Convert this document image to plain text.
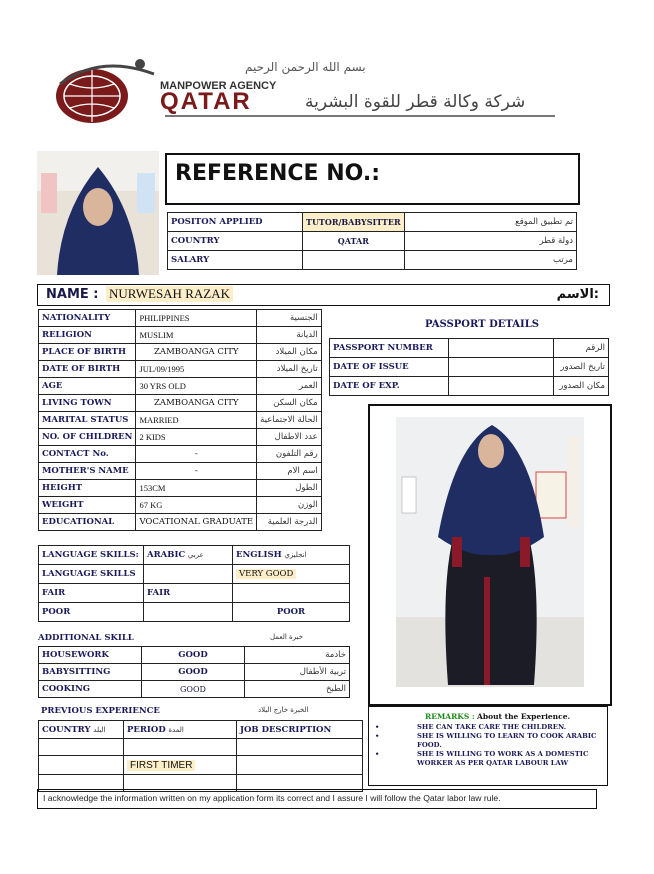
MANPOWER AGENCY
QATAR	شركة وكالة قطر للقوة البشرية
بسم الله الرحمن الرحيم
REFERENCE NO.:
POSITON APPLIED	TUTOR/BABYSITTER	تم تطبيق الموقع
COUNTRY	QATAR	دولة قطر
SALARY		مرتب
NAME : NURWESAH RAZAK	الاسم:
NATIONALITY	PHILIPPINES	الجنسية
RELIGION	MUSLIM	الديانة
PLACE OF BIRTH	ZAMBOANGA CITY	مكان الميلاد
DATE OF BIRTH	JUL/09/1995	تاريخ الميلاد
AGE	30 YRS OLD	العمر
LIVING TOWN	ZAMBOANGA CITY	مكان السكن
MARITAL STATUS	MARRIED	الحالة الاجتماعية
NO. OF CHILDREN	2 KIDS	عدد الاطفال
CONTACT No.	-	رقم التلفون
MOTHER'S NAME	-	اسم الام
HEIGHT	153CM	الطول
WEIGHT	67 KG	الوزن
EDUCATIONAL	VOCATIONAL GRADUATE	الدرجة العلمية
PASSPORT DETAILS
PASSPORT NUMBER		الرقم
DATE OF ISSUE		تاريخ الصدور
DATE OF EXP.		مكان الصدور
LANGUAGE SKILLS:	ARABIC عربي	ENGLISH انجليزي
LANGUAGE SKILLS		VERY GOOD
FAIR	FAIR	
POOR		POOR
ADDITIONAL SKILL	خبرة العمل
HOUSEWORK	GOOD	خادمة
BABYSITTING	GOOD	تربية الأطفال
COOKING	GOOD	الطبخ
PREVIOUS EXPERIENCE	الخبرة خارج البلاد
COUNTRY البلد	PERIOD المدة	JOB DESCRIPTION

	FIRST TIMER	

REMARKS : About the Experience.
•	SHE CAN TAKE CARE THE CHILDREN.
•	SHE IS WILLING TO LEARN TO COOK ARABIC FOOD.
•	SHE IS WILLING TO WORK AS A DOMESTIC WORKER AS PER QATAR LABOUR LAW
I acknowledge the information written on my application form its correct and I assure I will follow the Qatar labor law rule.
